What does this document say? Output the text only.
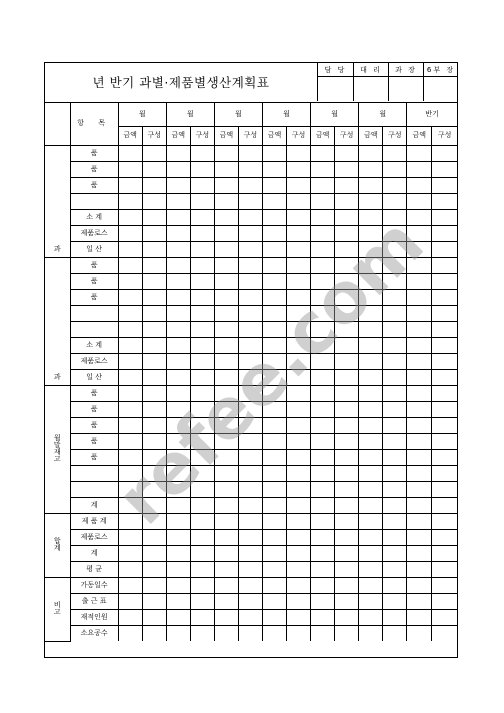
년 반기 과별·제품별생산계획표
담 당	대 리	과 장	6부 장
	항 목	월		월		월		월		월		월		반기	
		금액	구성	금액	구성	금액	구성	금액	구성	금액	구성	금액	구성	금액	구성

과	품														
	품														
	품														

	소 계														
	제품로스														
	일 산														

과	품														
	품														
	품														

	소 계														
	제품로스														
	일 산														

월
말
재
고	품														
	품														
	품														
	품														
	품														

	계														

합
계	제 품 계														
	제품로스														
	계														
	평 균														

비
고	가동일수														
	출 근 표														
	재적인원														
	소요공수														
refee.com
